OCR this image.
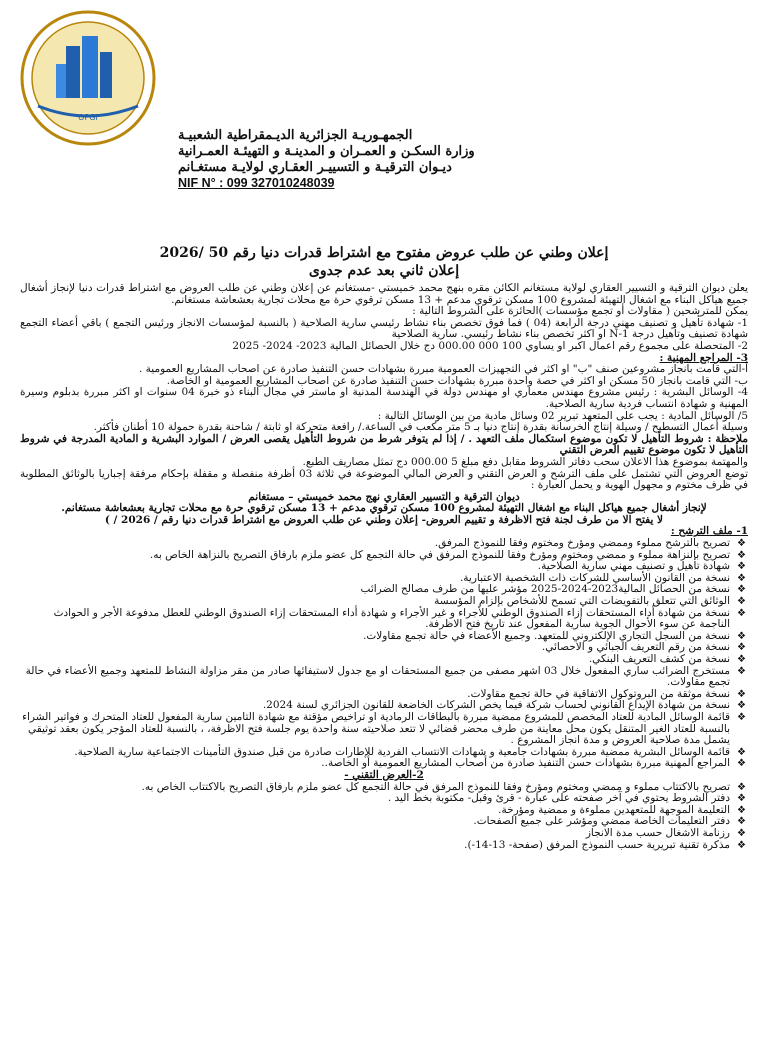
OPGI
الجمهـوريـة الجزائرية الديـمقراطية الشعبيـة
وزارة السكـن و العمـران و المدينـة و التهيئـة العمـرانية
ديـوان الترقيـة و التسييـر العقـاري لولايـة مستغـانم
NIF N° : 099 327010248039
إعلان وطني عن طلب عروض مفتوح مع اشتراط قدرات دنيا رقم 50 /2026
إعلان ثاني بعد عدم جدوى

يعلن ديوان الترقية و التسيير العقاري لولاية مستغانم الكائن مقره بنهج محمد خميستي -مستغانم عن إعلان وطني عن طلب العروض مع اشتراط قدرات دنيا لإنجاز أشغال جميع هياكل البناء مع اشغال التهيئة لمشروع 100 مسكن ترقوي مدعم + 13 مسكن ترقوي حرة مع محلات تجارية بعشعاشة مستغانم.

يمكن للمترشحين ( مقاولات أو تجمع مؤسسات )الحائزة على الشروط التالية :

1- شهادة تأهيل و تصنيف مهني درجة الرابعة (04 ) فما فوق تخصص بناء نشاط رئيسي سارية الصلاحية ( بالنسبة لمؤسسات الانجاز ورئيس التجمع ) باقي أعضاء التجمع شهادة تصنيف وتأهيل درجة N-1 او اكثر تخصص بناء نشاط رئيسي. سارية الصلاحية

2- المتحصلة على مجموع رقم اعمال اكبر او يساوي 100 000 000.00 دج خلال الحصائل المالية 2023- 2024- 2025

3- المراجع المهنية :

أ-التي قامت بانجاز مشروعين صنف "ب" او اكثر في التجهيزات العمومية مبررة بشهادات حسن التنفيذ صادرة عن اصحاب المشاريع العمومية .

ب- التي قامت بانجاز 50 مسكن او اكثر في حصة واحدة مبررة بشهادات حسن التنفيذ صادرة عن اصحاب المشاريع العمومية او الخاصة.

4- الوسائل البشرية : رئيس مشروع مهندس معماري او مهندس دولة في الهندسة المدنية او ماستر في مجال البناء ذو خبرة 04 سنوات او اكثر مبررة بدبلوم وسيرة المهنية و شهادة انتساب فردية سارية الصلاحية.

5/ الوسائل المادية : يجب على المتعهد تبرير 02 وسائل مادية من بين الوسائل التالية :

وسيلة أعمال التسطيح / وسيلة إنتاج الخرسانة بقدرة إنتاج دنيا بـ 5 متر مكعب في الساعة./ رافعة متحركة او ثابتة / شاحنة بقدرة حمولة 10 أطنان فأكثر.

ملاحظة : شروط التأهيل لا تكون موضوع استكمال ملف التعهد . / إذا لم يتوفر شرط من شروط التأهيل يقصى العرض / الموارد البشرية و المادية المدرجة في شروط التأهيل لا تكون موضوع تقييم العرض التقني

والمهتمة بموضوع هذا الاعلان سحب دفاتر الشروط مقابل دفع مبلغ 5 000.00 دج تمثل مصاريف الطبع.

توضع العروض التي تشتمل على ملف الترشح و العرض التقني و العرض المالي الموضوعة في ثلاثة 03 أظرفة منفصلة و مقفلة بإحكام مرفقة إجباريا بالوثائق المطلوبة في ظرف مختوم و مجهول الهوية و يحمل العبارة :

ديوان الترقية و التسيير العقاري نهج محمد خميستي – مستغانم

لإنجاز أشغال جميع هياكل البناء مع اشغال التهيئة لمشروع 100 مسكن ترقوي مدعم + 13 مسكن ترقوي حرة مع محلات تجارية بعشعاشة مستغانم.

لا يفتح الا من طرف لجنة فتح الاظرفة و تقييم العروض- إعلان وطني عن طلب العروض مع اشتراط قدرات دنيا رقم / 2026 / )

1- ملف الترشح :

❖
تصريح بالترشح مملوء وممضي ومؤرخ ومختوم وفقا للنموذج المرفق.
❖
تصريح بالنزاهة مملوء و ممضي ومختوم ومؤرخ وفقا للنموذج المرفق في حالة التجمع كل عضو ملزم بارفاق التصريح بالنزاهة الخاص به.
❖
شهادة تأهيل و تصنيف مهني سارية الصلاحية.
❖
نسخة من القانون الأساسي للشركات ذات الشخصية الاعتبارية.
❖
نسخة من الحصائل المالية2023-2024-2025 مؤشر عليها من طرف مصالح الضرائب
❖
الوثائق التي تتعلق بالتفويضات التي تسمح للأشخاص بإلزام المؤسسة
❖
نسخة من شهادة أداء المستحقات إزاء الصندوق الوطني للأجراء و غير الأجراء و شهادة أداء المستحقات إزاء الصندوق الوطني للعطل مدفوعة الأجر و الحوادث الناجمة عن سوء الأحوال الجوية سارية المفعول عند تاريخ فتح الاظرفة.
❖
نسخة من السجل التجاري الإلكتروني للمتعهد. وجميع الأعضاء في حالة تجمع مقاولات.
❖
نسخة من رقم التعريف الجبائي و الاحصائي.
❖
نسخة من كشف التعريف البنكي.
❖
مستخرج الضرائب ساري المفعول خلال 03 اشهر مصفى من جميع المستحقات او مع جدول لاستيفائها صادر من مقر مزاولة النشاط للمتعهد وجميع الأعضاء في حالة تجمع مقاولات.
❖
نسخة موثقة من البروتوكول الاتفاقية في حالة تجمع مقاولات.
❖
نسخة من شهادة الإيداع القانوني لحساب شركة فيما يخص الشركات الخاضعة للقانون الجزائري لسنة 2024.
❖
قائمة الوسائل المادية للعتاد المخصص للمشروع ممضية مبررة بالبطاقات الرمادية او تراخيص مؤقتة مع شهادة التامين سارية المفعول للعتاد المتحرك و فواتير الشراء بالنسبة للعتاد الغير المتنقل يكون محل معاينة من طرف محضر قضائي لا تتعد صلاحيته سنة واحدة يوم جلسة فتح الاظرفة، ، بالنسبة للعتاد المؤجر يكون بعقد توثيقي يشمل مدة صلاحية العروض و مدة انجاز المشروع .
❖
قائمة الوسائل البشرية ممضية مبررة بشهادات جامعية و شهادات الانتساب الفردية للإطارات صادرة من قبل صندوق التأمينات الاجتماعية سارية الصلاحية.
❖
المراجع المهنية مبررة بشهادات حسن التنفيذ صادرة من أصحاب المشاريع العمومية أو الخاصة..

2-العرض التقني -

❖
تصريح بالاكتتاب مملوء و ممضي ومختوم ومؤرخ وفقا للنموذج المرفق في حالة التجمع كل عضو ملزم بارفاق التصريح بالاكتتاب الخاص به.
❖
دفتر الشروط يحتوي في آخر صفحته على عبارة - قرئ وقبل- مكتوبة بخط اليد .
❖
التعليمة الموجهة للمتعهدين مملوءة و ممضية ومؤرخة.
❖
دفتر التعليمات الخاصة ممضي ومؤشر على جميع الصفحات.
❖
رزنامة الاشغال حسب مدة الانجاز
❖
مذكرة تقنية تبريرية حسب النموذج المرفق (صفحة- 13-14-).
